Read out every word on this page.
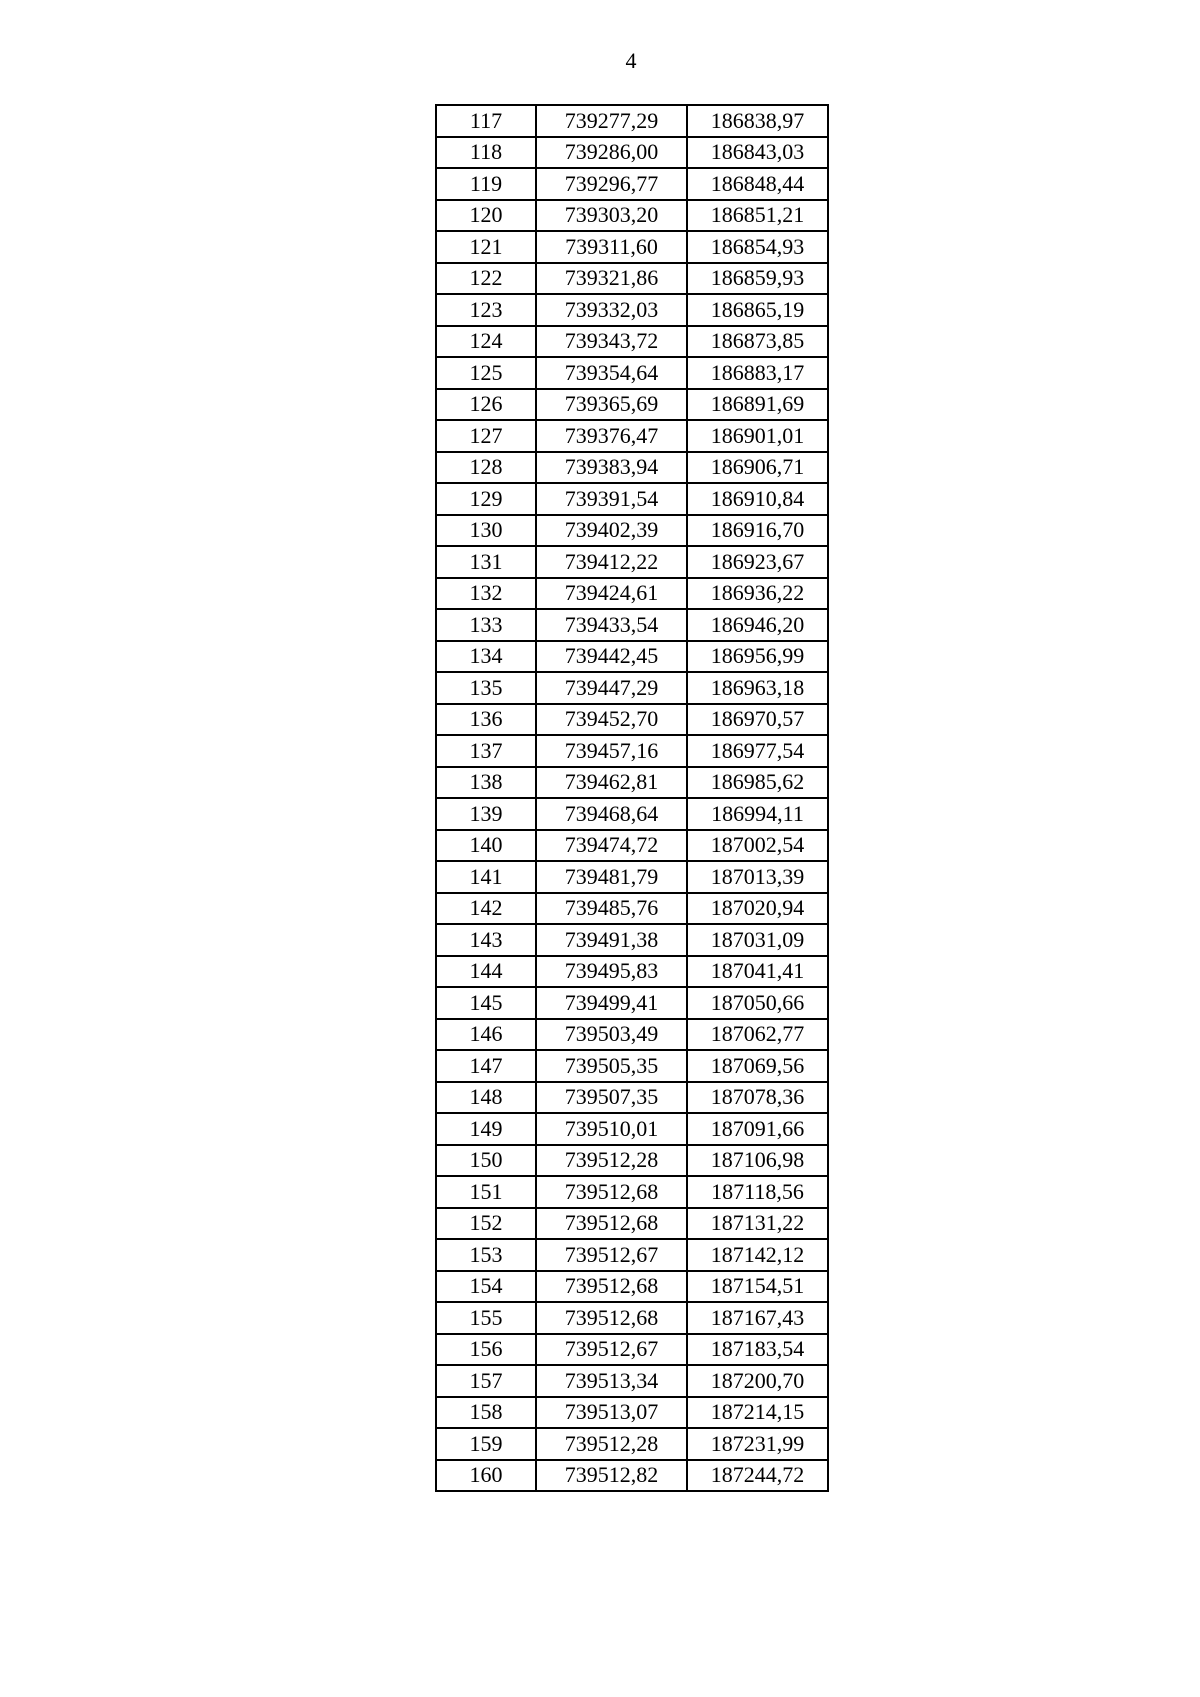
4
117	739277,29	186838,97
118	739286,00	186843,03
119	739296,77	186848,44
120	739303,20	186851,21
121	739311,60	186854,93
122	739321,86	186859,93
123	739332,03	186865,19
124	739343,72	186873,85
125	739354,64	186883,17
126	739365,69	186891,69
127	739376,47	186901,01
128	739383,94	186906,71
129	739391,54	186910,84
130	739402,39	186916,70
131	739412,22	186923,67
132	739424,61	186936,22
133	739433,54	186946,20
134	739442,45	186956,99
135	739447,29	186963,18
136	739452,70	186970,57
137	739457,16	186977,54
138	739462,81	186985,62
139	739468,64	186994,11
140	739474,72	187002,54
141	739481,79	187013,39
142	739485,76	187020,94
143	739491,38	187031,09
144	739495,83	187041,41
145	739499,41	187050,66
146	739503,49	187062,77
147	739505,35	187069,56
148	739507,35	187078,36
149	739510,01	187091,66
150	739512,28	187106,98
151	739512,68	187118,56
152	739512,68	187131,22
153	739512,67	187142,12
154	739512,68	187154,51
155	739512,68	187167,43
156	739512,67	187183,54
157	739513,34	187200,70
158	739513,07	187214,15
159	739512,28	187231,99
160	739512,82	187244,72
